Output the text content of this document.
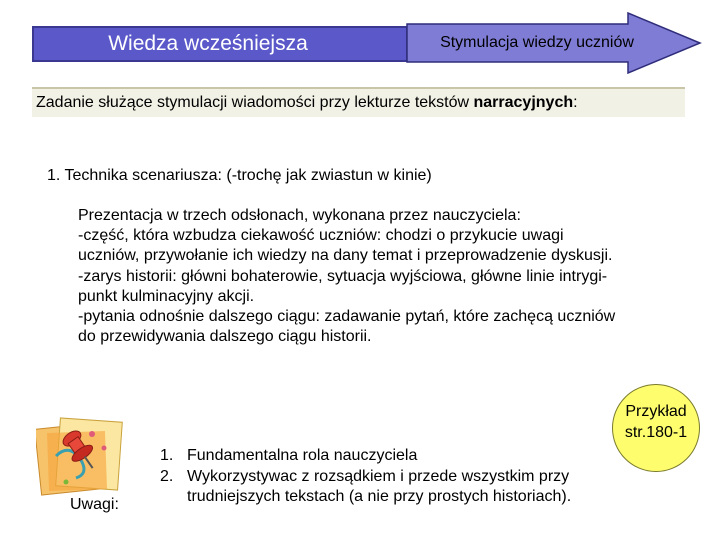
Wiedza wcześniejsza	Stymulacja wiedzy uczniów
Zadanie służące stymulacji wiadomości przy lekturze tekstów narracyjnych:
1. Technika scenariusza: (-trochę jak zwiastun w kinie)
Prezentacja w trzech odsłonach, wykonana przez nauczyciela:
-część, która wzbudza ciekawość uczniów: chodzi o przykucie uwagi
uczniów, przywołanie ich wiedzy na dany temat i przeprowadzenie dyskusji.
-zarys historii: główni bohaterowie, sytuacja wyjściowa, główne linie intrygi-
punkt kulminacyjny akcji.
-pytania odnośnie dalszego ciągu: zadawanie pytań, które zachęcą uczniów
do przewidywania dalszego ciągu historii.
Uwagi:
1. Fundamentalna rola nauczyciela
2. Wykorzystywac z rozsądkiem i przede wszystkim przy
trudniejszych tekstach (a nie przy prostych historiach).
Przykład
str.180-1
